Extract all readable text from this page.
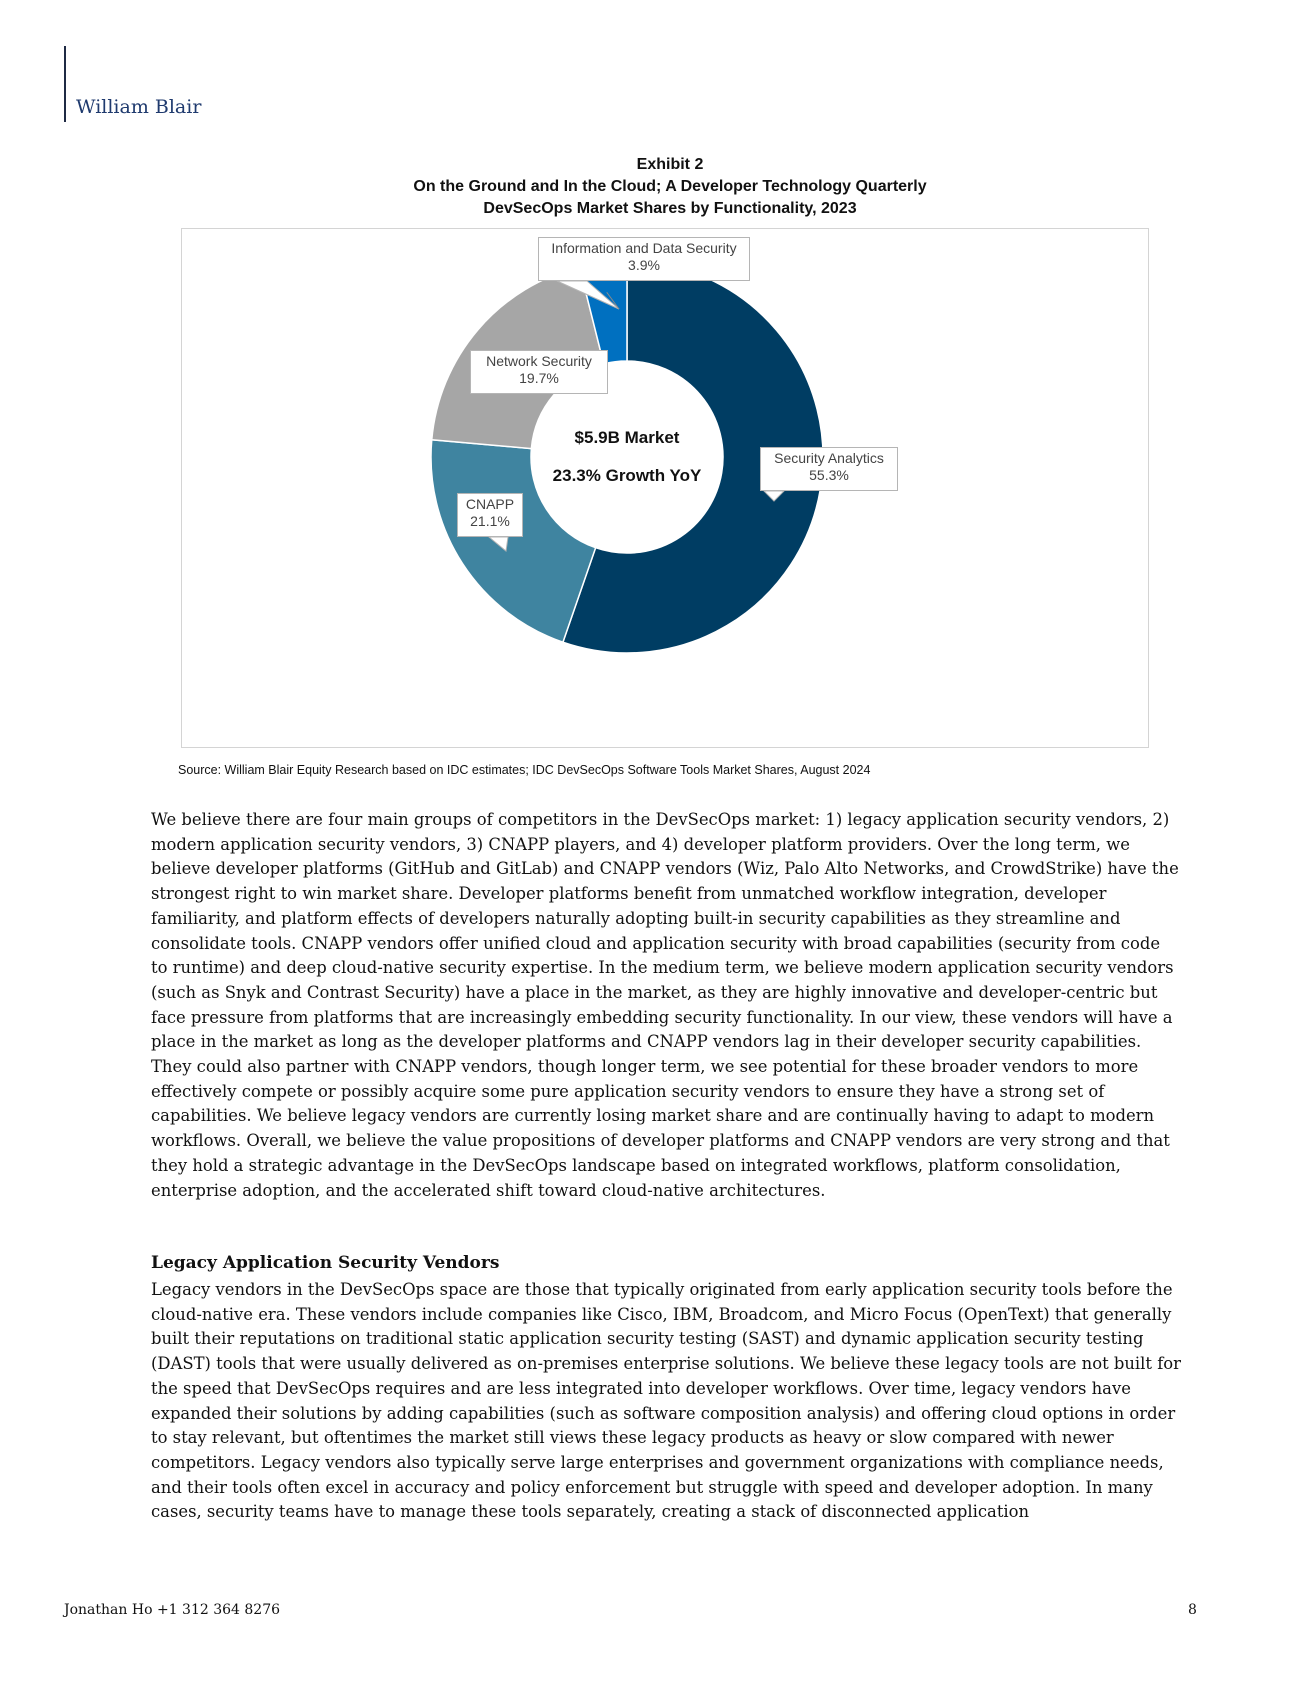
William Blair
Exhibit 2
On the Ground and In the Cloud; A Developer Technology Quarterly
DevSecOps Market Shares by Functionality, 2023
Information and Data Security
3.9%
Network Security
19.7%
Security Analytics
55.3%
CNAPP
21.1%
$5.9B Market
23.3% Growth YoY
Source: William Blair Equity Research based on IDC estimates; IDC DevSecOps Software Tools Market Shares, August 2024

We believe there are four main groups of competitors in the DevSecOps market: 1) legacy application security vendors, 2) modern application security vendors, 3) CNAPP players, and 4) developer platform providers. Over the long term, we believe developer platforms (GitHub and GitLab) and CNAPP vendors (Wiz, Palo Alto Networks, and CrowdStrike) have the strongest right to win market share. Developer platforms benefit from unmatched workflow integration, developer familiarity, and platform effects of developers naturally adopting built-in security capabilities as they streamline and consolidate tools. CNAPP vendors offer unified cloud and application security with broad capabilities (security from code to runtime) and deep cloud-native security expertise. In the medium term, we believe modern application security vendors (such as Snyk and Contrast Security) have a place in the market, as they are highly innovative and developer-centric but face pressure from platforms that are increasingly embedding security functionality. In our view, these vendors will have a place in the market as long as the developer platforms and CNAPP vendors lag in their developer security capabilities. They could also partner with CNAPP vendors, though longer term, we see potential for these broader vendors to more effectively compete or possibly acquire some pure application security vendors to ensure they have a strong set of capabilities. We believe legacy vendors are currently losing market share and are continually having to adapt to modern workflows. Overall, we believe the value propositions of developer platforms and CNAPP vendors are very strong and that they hold a strategic advantage in the DevSecOps landscape based on integrated workflows, platform consolidation, enterprise adoption, and the accelerated shift toward cloud-native architectures.

Legacy Application Security Vendors

Legacy vendors in the DevSecOps space are those that typically originated from early application security tools before the cloud-native era. These vendors include companies like Cisco, IBM, Broadcom, and Micro Focus (OpenText) that generally built their reputations on traditional static application security testing (SAST) and dynamic application security testing (DAST) tools that were usually delivered as on-premises enterprise solutions. We believe these legacy tools are not built for the speed that DevSecOps requires and are less integrated into developer workflows. Over time, legacy vendors have expanded their solutions by adding capabilities (such as software composition analysis) and offering cloud options in order to stay relevant, but oftentimes the market still views these legacy products as heavy or slow compared with newer competitors. Legacy vendors also typically serve large enterprises and government organizations with compliance needs, and their tools often excel in accuracy and policy enforcement but struggle with speed and developer adoption. In many cases, security teams have to manage these tools separately, creating a stack of disconnected application

Jonathan Ho +1 312 364 8276	8
